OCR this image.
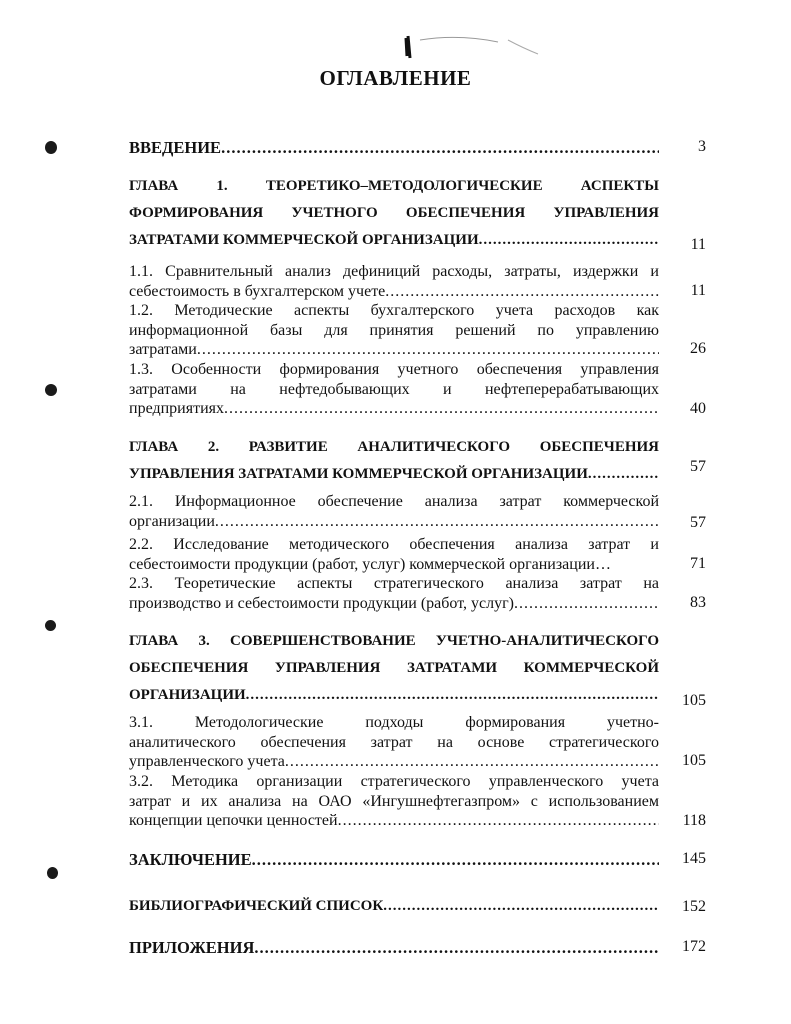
ОГЛАВЛЕНИЕ
ВВЕДЕНИЕ .....	3
ГЛАВА 1. ТЕОРЕТИКО–МЕТОДОЛОГИЧЕСКИЕ АСПЕКТЫ
ФОРМИРОВАНИЯ УЧЕТНОГО ОБЕСПЕЧЕНИЯ УПРАВЛЕНИЯ
ЗАТРАТАМИ КОММЕРЧЕСКОЙ ОРГАНИЗАЦИИ .....	11
1.1. Сравнительный анализ дефиниций расходы, затраты, издержки и
себестоимость в бухгалтерском учете .....	11
1.2. Методические аспекты бухгалтерского учета расходов как
информационной базы для принятия решений по управлению
затратами .....	26
1.3. Особенности формирования учетного обеспечения управления
затратами на нефтедобывающих и нефтеперерабатывающих
предприятиях .....	40
ГЛАВА 2. РАЗВИТИЕ АНАЛИТИЧЕСКОГО ОБЕСПЕЧЕНИЯ
УПРАВЛЕНИЯ ЗАТРАТАМИ КОММЕРЧЕСКОЙ ОРГАНИЗАЦИИ .....	57
2.1. Информационное обеспечение анализа затрат коммерческой
организации .....	57
2.2. Исследование методического обеспечения анализа затрат и
себестоимости продукции (работ, услуг) коммерческой организации…	71
2.3. Теоретические аспекты стратегического анализа затрат на
производство и себестоимости продукции (работ, услуг) .....	83
ГЛАВА 3. СОВЕРШЕНСТВОВАНИЕ УЧЕТНО-АНАЛИТИЧЕСКОГО
ОБЕСПЕЧЕНИЯ УПРАВЛЕНИЯ ЗАТРАТАМИ КОММЕРЧЕСКОЙ
ОРГАНИЗАЦИИ .....	105
3.1. Методологические подходы формирования учетно-
аналитического обеспечения затрат на основе стратегического
управленческого учета .....	105
3.2. Методика организации стратегического управленческого учета
затрат и их анализа на ОАО «Ингушнефтегазпром» с использованием
концепции цепочки ценностей .....	118
ЗАКЛЮЧЕНИЕ .....	145
БИБЛИОГРАФИЧЕСКИЙ СПИСОК .....	152
ПРИЛОЖЕНИЯ .....	172
